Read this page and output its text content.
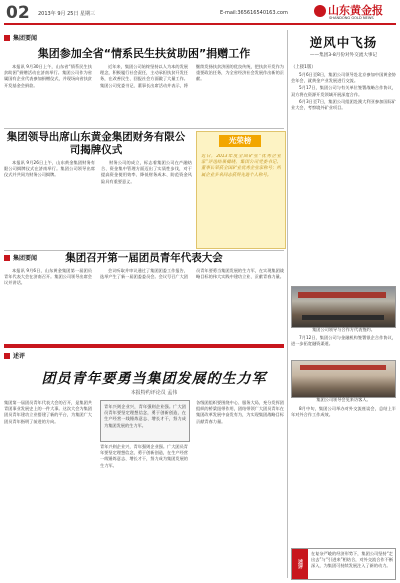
02 2013年 9月 25日 星期三	E-mail:365616540163.com	山东黄金报
SHANDONG GOLD NEWS
集团要闻
集团参加全省“情系民生扶贫助困”捐赠工作

本报讯 9月30日上午，山东省“情系民生扶贫助困”捐赠活动在济南举行。集团公司作为省属国有企业代表参加捐赠仪式，并现场向省扶贫开发基金会捐款。

近年来，集团公司始终坚持以人为本的发展理念，积极履行社会责任，主动承担扶贫开发任务，在改善民生、回报社会方面做了大量工作。集团公司党委书记、董事长出席活动并表示，将继续发扬扶贫济困的优良传统，把扶贫开发作为重要政治任务，为全省经济社会发展作出新的贡献。

集团领导出席山东黄金集团财务有限公司揭牌仪式

本报讯 9月26日上午，山东黄金集团财务有限公司揭牌仪式在济南举行。集团公司领导出席仪式并共同为财务公司揭牌。

财务公司的成立，标志着集团公司在产融结合、资金集中管理方面迈出了实质性步伐，对于提高资金使用效率、降低财务成本、防范资金风险具有重要意义。

光荣榜
近日，2013年度全国矿业“优秀企业家”评选结果揭晓，集团公司党委书记、董事长荣获全国矿业优秀企业家称号；所属企业多名同志获得先进个人称号。
集团要闻	集团召开第一届团员青年代表大会

本报讯 9月6日，山东黄金集团第一届团员青年代表大会在济南召开。集团公司领导出席会议并讲话。

会议听取并审议通过了集团团委工作报告，选举产生了新一届团委委员会。会议号召广大团员青年要勇当集团发展的生力军，在实现集团战略目标的伟大实践中建功立业、贡献青春力量。

述评
团员青年要勇当集团发展的生力军
本报特约评论员 孟伟
集团第一届团员青年代表大会的召开，是集团共青团事业发展史上的一件大事。这次大会为集团团员青年建功立业搭建了新的平台，为集团广大团员青年指明了前进的方向。
青年兴则企业兴，青年强则企业强。广大团员青年要坚定理想信念，勇于创新创造，在生产经营一线锤炼意志、增长才干，努力成为集团发展的生力军。
青年兴则企业兴，青年强则企业强。广大团员青年要坚定理想信念，勇于创新创造，在生产经营一线锤炼意志、增长才干，努力成为集团发展的生力军。
各级团组织要围绕中心、服务大局，充分发挥团组织的桥梁纽带作用，团结带领广大团员青年在集团改革发展中奋发有为，为实现集团战略目标贡献青春力量。
逆风中飞扬
——集团3-8月份对外交流大事记
（上接1版）

5月6日至8日，集团公司领导赴北京参加中国黄金协会年会，就黄金产业发展进行交流。

5月17日，集团公司与有关单位签署战略合作协议，双方将在资源开发领域开展深度合作。

6月3日至7日，集团公司组团赴澳大利亚参加国际矿业大会，考察境外矿业项目。

集团公司领导与合作方代表签约。

7月12日，集团公司与金融机构签署银企合作协议，进一步拓宽融资渠道。

集团公司领导会见来访客人。

8月中旬，集团公司举办对外交流座谈会，总结上半年对外合作工作成效。

述评
在复杂严峻的经济形势下，集团公司坚持“走出去”与“引进来”相结合，对外交流合作不断深入，为集团可持续发展注入了新的动力。
